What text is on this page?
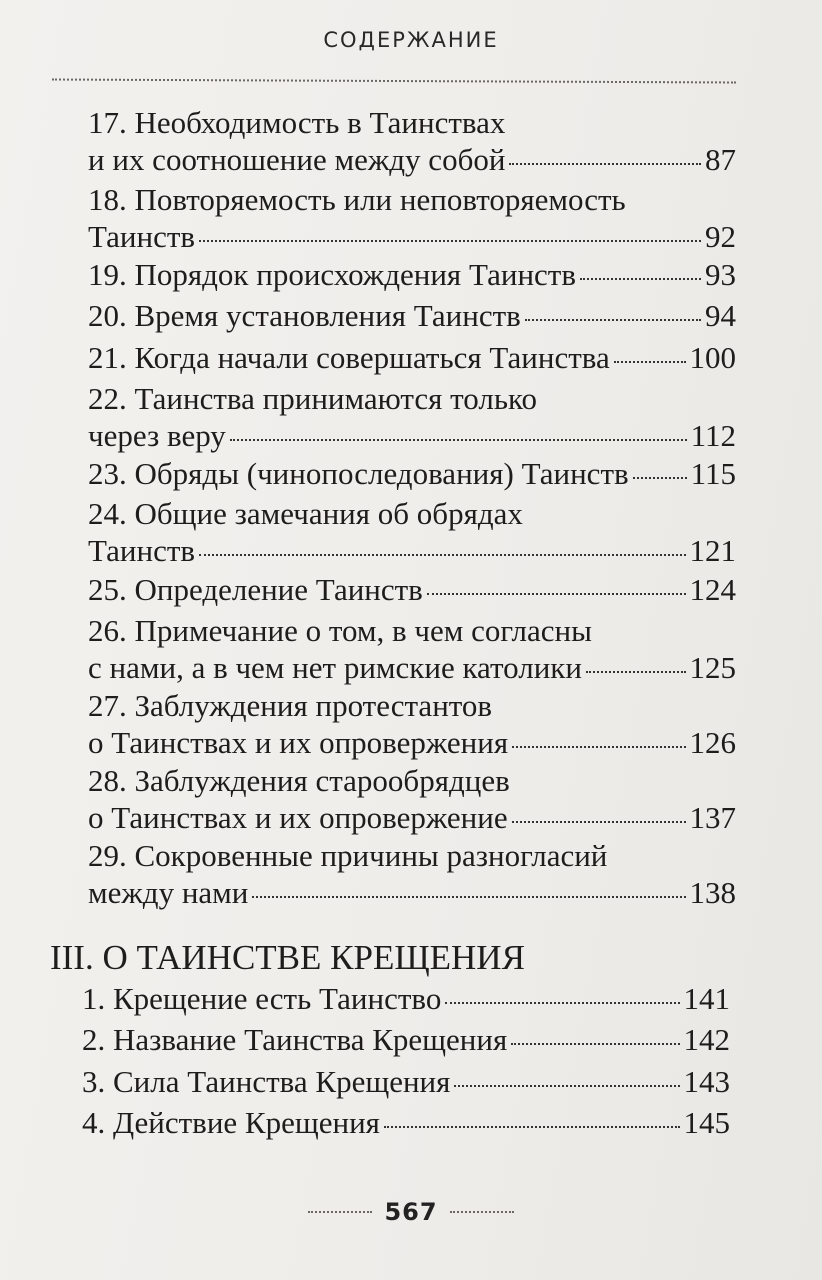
СОДЕРЖАНИЕ
17. Необходимость в Таинствах
и их соотношение между собой	87
18. Повторяемость или неповторяемость
Таинств	92
19. Порядок происхождения Таинств	93
20. Время установления Таинств	94
21. Когда начали совершаться Таинства	100
22. Таинства принимаются только
через веру	112
23. Обряды (чинопоследования) Таинств 115
24. Общие замечания об обрядах
Таинств	121
25. Определение Таинств	124
26. Примечание о том, в чем согласны
с нами, а в чем нет римские католики	125
27. Заблуждения протестантов
о Таинствах и их опровержения	126
28. Заблуждения старообрядцев
о Таинствах и их опровержение	137
29. Сокровенные причины разногласий
между нами	138
III. О ТАИНСТВЕ КРЕЩЕНИЯ
1. Крещение есть Таинство	141
2. Название Таинства Крещения	142
3. Сила Таинства Крещения	143
4. Действие Крещения	145
567
